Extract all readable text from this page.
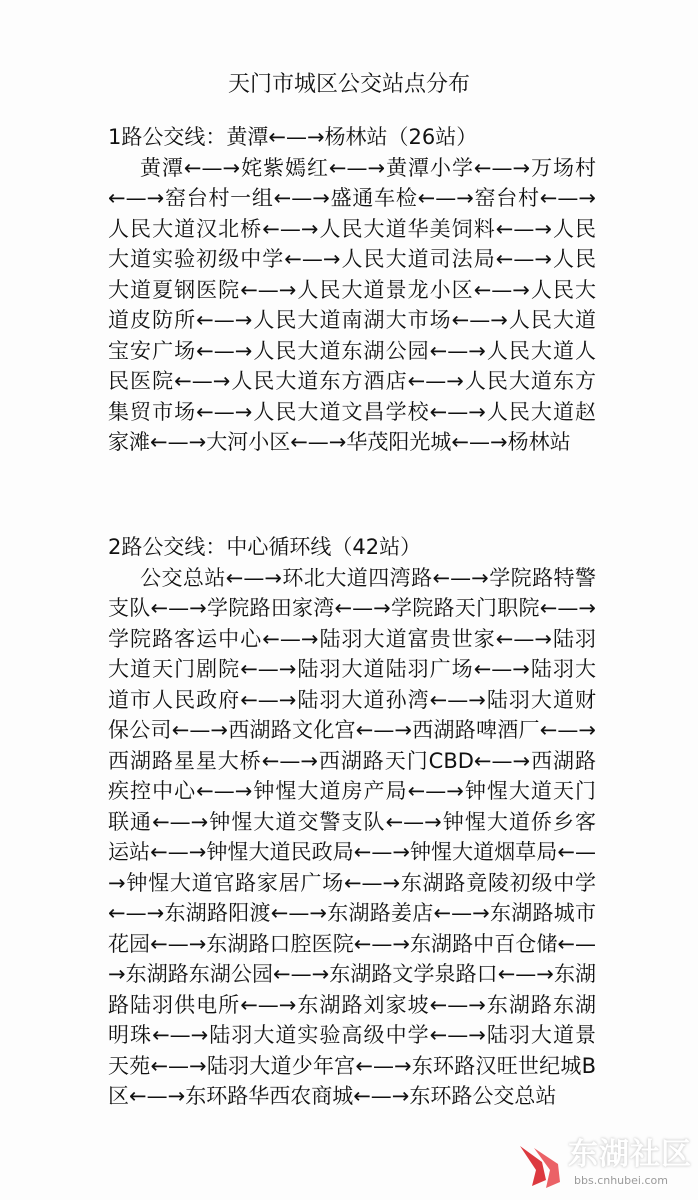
天门市城区公交站点分布
1路公交线：黄潭←—→杨林站（26站）
黄潭←—→姹紫嫣红←—→黄潭小学←—→万场村←—→窑台村一组←—→盛通车检←—→窑台村←—→人民大道汉北桥←—→人民大道华美饲料←—→人民大道实验初级中学←—→人民大道司法局←—→人民大道夏钢医院←—→人民大道景龙小区←—→人民大道皮防所←—→人民大道南湖大市场←—→人民大道宝安广场←—→人民大道东湖公园←—→人民大道人民医院←—→人民大道东方酒店←—→人民大道东方集贸市场←—→人民大道文昌学校←—→人民大道赵家滩←—→大河小区←—→华茂阳光城←—→杨林站
2路公交线：中心循环线（42站）
公交总站←—→环北大道四湾路←—→学院路特警支队←—→学院路田家湾←—→学院路天门职院←—→学院路客运中心←—→陆羽大道富贵世家←—→陆羽大道天门剧院←—→陆羽大道陆羽广场←—→陆羽大道市人民政府←—→陆羽大道孙湾←—→陆羽大道财保公司←—→西湖路文化宫←—→西湖路啤酒厂←—→西湖路星星大桥←—→西湖路天门CBD←—→西湖路疾控中心←—→钟惺大道房产局←—→钟惺大道天门联通←—→钟惺大道交警支队←—→钟惺大道侨乡客运站←—→钟惺大道民政局←—→钟惺大道烟草局←—→钟惺大道官路家居广场←—→东湖路竟陵初级中学←—→东湖路阳渡←—→东湖路姜店←—→东湖路城市花园←—→东湖路口腔医院←—→东湖路中百仓储←—→东湖路东湖公园←—→东湖路文学泉路口←—→东湖路陆羽供电所←—→东湖路刘家坡←—→东湖路东湖明珠←—→陆羽大道实验高级中学←—→陆羽大道景天苑←—→陆羽大道少年宫←—→东环路汉旺世纪城B区←—→东环路华西农商城←—→东环路公交总站
东湖社区
bbs.cnhubei.com
